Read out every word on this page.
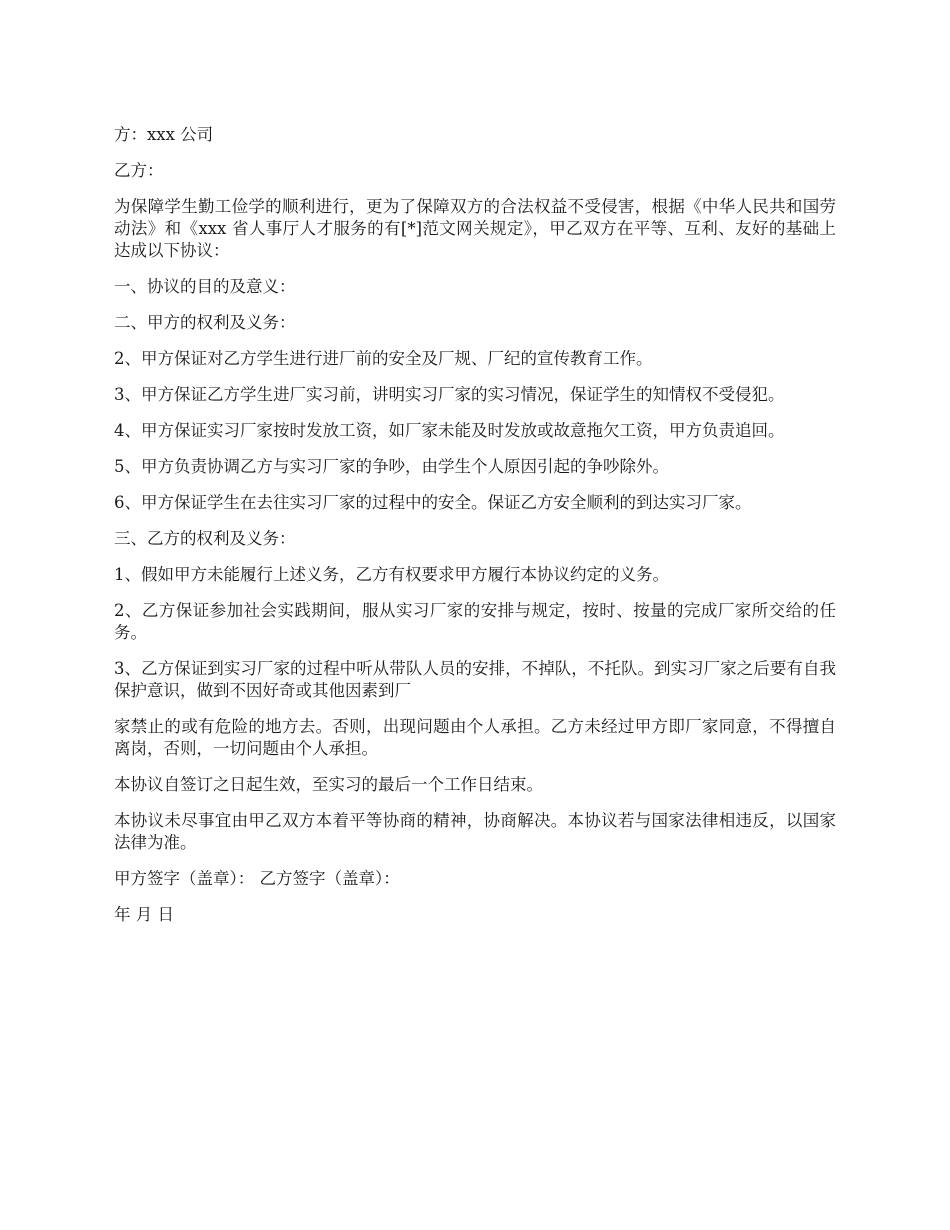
方：xxx 公司

乙方：

为保障学生勤工俭学的顺利进行，更为了保障双方的合法权益不受侵害，根据《中华人民共和国劳动法》和《xxx 省人事厅人才服务的有[*]范文网关规定》，甲乙双方在平等、互利、友好的基础上达成以下协议：

一、协议的目的及意义：

二、甲方的权利及义务：

2、甲方保证对乙方学生进行进厂前的安全及厂规、厂纪的宣传教育工作。

3、甲方保证乙方学生进厂实习前，讲明实习厂家的实习情况，保证学生的知情权不受侵犯。

4、甲方保证实习厂家按时发放工资，如厂家未能及时发放或故意拖欠工资，甲方负责追回。

5、甲方负责协调乙方与实习厂家的争吵，由学生个人原因引起的争吵除外。

6、甲方保证学生在去往实习厂家的过程中的安全。保证乙方安全顺利的到达实习厂家。

三、乙方的权利及义务：

1、假如甲方未能履行上述义务，乙方有权要求甲方履行本协议约定的义务。

2、乙方保证参加社会实践期间，服从实习厂家的安排与规定，按时、按量的完成厂家所交给的任务。

3、乙方保证到实习厂家的过程中听从带队人员的安排，不掉队，不托队。到实习厂家之后要有自我保护意识，做到不因好奇或其他因素到厂

家禁止的或有危险的地方去。否则，出现问题由个人承担。乙方未经过甲方即厂家同意，不得擅自离岗，否则，一切问题由个人承担。

本协议自签订之日起生效，至实习的最后一个工作日结束。

本协议未尽事宜由甲乙双方本着平等协商的精神，协商解决。本协议若与国家法律相违反，以国家法律为准。

甲方签字（盖章）： 乙方签字（盖章）：

年 月 日
